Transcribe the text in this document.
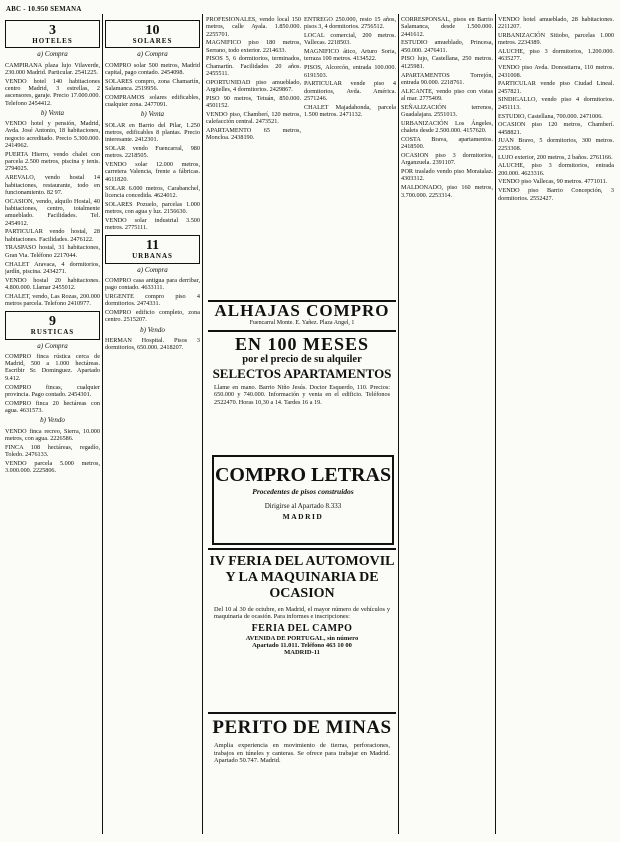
ABC - 10.950 SEMANA
3
HOTELES
a) Compra

CAMPIRANA plaza lujo Vilaverde, 230.000 Madrid. Particular. 2541225.

VENDO hotel 140 habitaciones centro Madrid, 3 estrellas, 2 ascensores, garaje. Precio 17.000.000. Telefono 2454412.

b) Venta

VENDO hotel y pensión, Madrid, Avda. José Antonio, 18 habitaciones, negocio acreditado. Precio 5.300.000. 2414962.

PUERTA Hierro, vendo chalet con parcela 2.500 metros, piscina y tenis. 2794025.

AREVALO, vendo hostal 14 habitaciones, restaurante, todo en funcionamiento. 82 97.

OCASION, vendo, alquilo Hostal, 40 habitaciones, centro, totalmente amueblado. Facilidades. Tel. 2454912.

PARTICULAR vendo hostal, 28 habitaciones. Facilidades. 2476122.

TRASPASO hostal, 31 habitaciones, Gran Via. Teléfono 2217044.

CHALET Aravaca, 4 dormitorios, jardín, piscina. 2434271.

VENDO hostal 20 habitaciones. 4.800.000. Llamar 2455012.

CHALET, vendo, Las Rozas, 200.000 metros parcela. Telefono 2410977.

9
RUSTICAS
a) Compra

COMPRO finca rústica cerca de Madrid, 500 a 1.000 hectáreas. Escribir Sr. Dominguez. Apartado 9.412.

COMPRO fincas, cualquier provincia. Pago contado. 2454301.

COMPRO finca 20 hectáreas con agua. 4631573.

b) Vendo

VENDO finca recreo, Sierra, 10.000 metros, con agua. 2226586.

FINCA 108 hectáreas, regadío, Toledo. 2476133.

VENDO parcela 5.000 metros, 3.000.000. 2225806.

10
SOLARES
a) Compra

COMPRO solar 500 metros, Madrid capital, pago contado. 2454098.

SOLARES compro, zona Chamartín, Salamanca. 2519956.

COMPRAMOS solares edificables, cualquier zona. 2477091.

b) Venta

SOLAR en Barrio del Pilar, 1.250 metros, edificables 8 plantas. Precio interesante. 2412301.

SOLAR vendo Fuencarral, 980 metros. 2218505.

VENDO solar 12.000 metros, carretera Valencia, frente a fábricas. 4611820.

SOLAR 6.000 metros, Carabanchel, licencia concedida. 4624012.

SOLARES Pozuelo, parcelas 1.000 metros, con agua y luz. 2156630.

VENDO solar industrial 3.500 metros. 2775111.

11
URBANAS
a) Compra

COMPRO casa antigua para derribar, pago contado. 4633111.

URGENTE compro piso 4 dormitorios. 2474331.

COMPRO edificio completo, zona centro. 2515207.

b) Vendo

HERMAN Hospital. Pisos 3 dormitorios, 650.000. 2418207.

PROFESIONALES, vendo local 150 metros, calle Ayala. 1.850.000. 2255701.

MAGNIFICO piso 180 metros, Serrano, todo exterior. 2214633.

PISOS 5, 6 dormitorios, terminados, Chamartín. Facilidades 20 años. 2455511.

OPORTUNIDAD piso amueblado, Argüelles, 4 dormitorios. 2429867.

PISO 90 metros, Tetuán, 850.000. 4501152.

VENDO piso, Chamberí, 120 metros, calefacción central. 2473521.

APARTAMENTO 65 metros, Moncloa. 2438190.

ENTREGO 250.000, resto 15 años, pisos 3, 4 dormitorios. 2756512.

LOCAL comercial, 200 metros. Vallecas. 2218503.

MAGNIFICO ático, Arturo Soria, terraza 100 metros. 4134522.

PISOS, Alcorcón, entrada 100.000. 6191503.

PARTICULAR vende piso 4 dormitorios, Avda. América. 2571246.

CHALET Majadahonda, parcela 1.500 metros. 2471132.

CORRESPONSAL, pisos en Barrio Salamanca, desde 1.500.000. 2441612.

ESTUDIO amueblado, Princesa, 450.000. 2476411.

PISO lujo, Castellana, 250 metros. 4125981.

APARTAMENTOS Torrejón, entrada 90.000. 2218761.

ALICANTE, vendo piso con vistas al mar. 2775409.

SEÑALIZACIÓN terrenos, Guadalajara. 2551013.

URBANIZACIÓN Los Ángeles, chalets desde 2.500.000. 4157620.

COSTA Brava, apartamentos. 2418500.

OCASION piso 3 dormitorios, Arganzuela. 2391107.

POR traslado vendo piso Moratalaz. 4303312.

MALDONADO, piso 160 metros, 3.700.000. 2253314.

VENDO hotel amueblado, 28 habitaciones. 2211207.

URBANIZACIÓN Sitiobo, parcelas 1.000 metros. 2234389.

ALUCHE, piso 3 dormitorios, 1.200.000. 4635277.

VENDO piso Avda. Donostiarra, 110 metros. 2431008.

PARTICULAR vende piso Ciudad Lineal. 2457821.

SINDIGALLO, vendo piso 4 dormitorios. 2451113.

ESTUDIO, Castellana, 700.000. 2471006.

OCASION piso 120 metros, Chamberí. 4458821.

JUAN Bravo, 5 dormitorios, 300 metros. 2253308.

LUJO exterior, 200 metros, 2 baños. 2761166.

ALUCHE, piso 3 dormitorios, entrada 200.000. 4623316.

VENDO piso Vallecas, 90 metros. 4771011.

VENDO piso Barrio Concepción, 3 dormitorios. 2552427.

ALHAJAS COMPRO
Fuencarral Monte. E. Yañez. Plaza Angel, 1
EN 100 MESES
por el precio de su alquiler
SELECTOS APARTAMENTOS
Llame en mano. Barrio Niño Jesús. Doctor Esquerdo, 110. Precios: 650.000 y 740.000. Información y venta en el edificio. Teléfonos 2522470. Horas 10,30 a 14. Tardes 16 a 19.
COMPRO LETRAS
Procedentes de pisos construidos
Dirigirse al Apartado 8.333
MADRID
IV FERIA DEL AUTOMOVIL
Y LA MAQUINARIA DE
OCASION
Del 10 al 30 de octubre, en Madrid, el mayor número de vehículos y maquinaria de ocasión. Para informes e inscripciones:
FERIA DEL CAMPO
AVENIDA DE PORTUGAL, sin número
Apartado 11.011. Teléfono 463 10 00
MADRID-11
PERITO DE MINAS
Amplia experiencia en movimiento de tierras, perforaciones, trabajos en túneles y canteras. Se ofrece para trabajar en Madrid. Apartado 50.747. Madrid.
